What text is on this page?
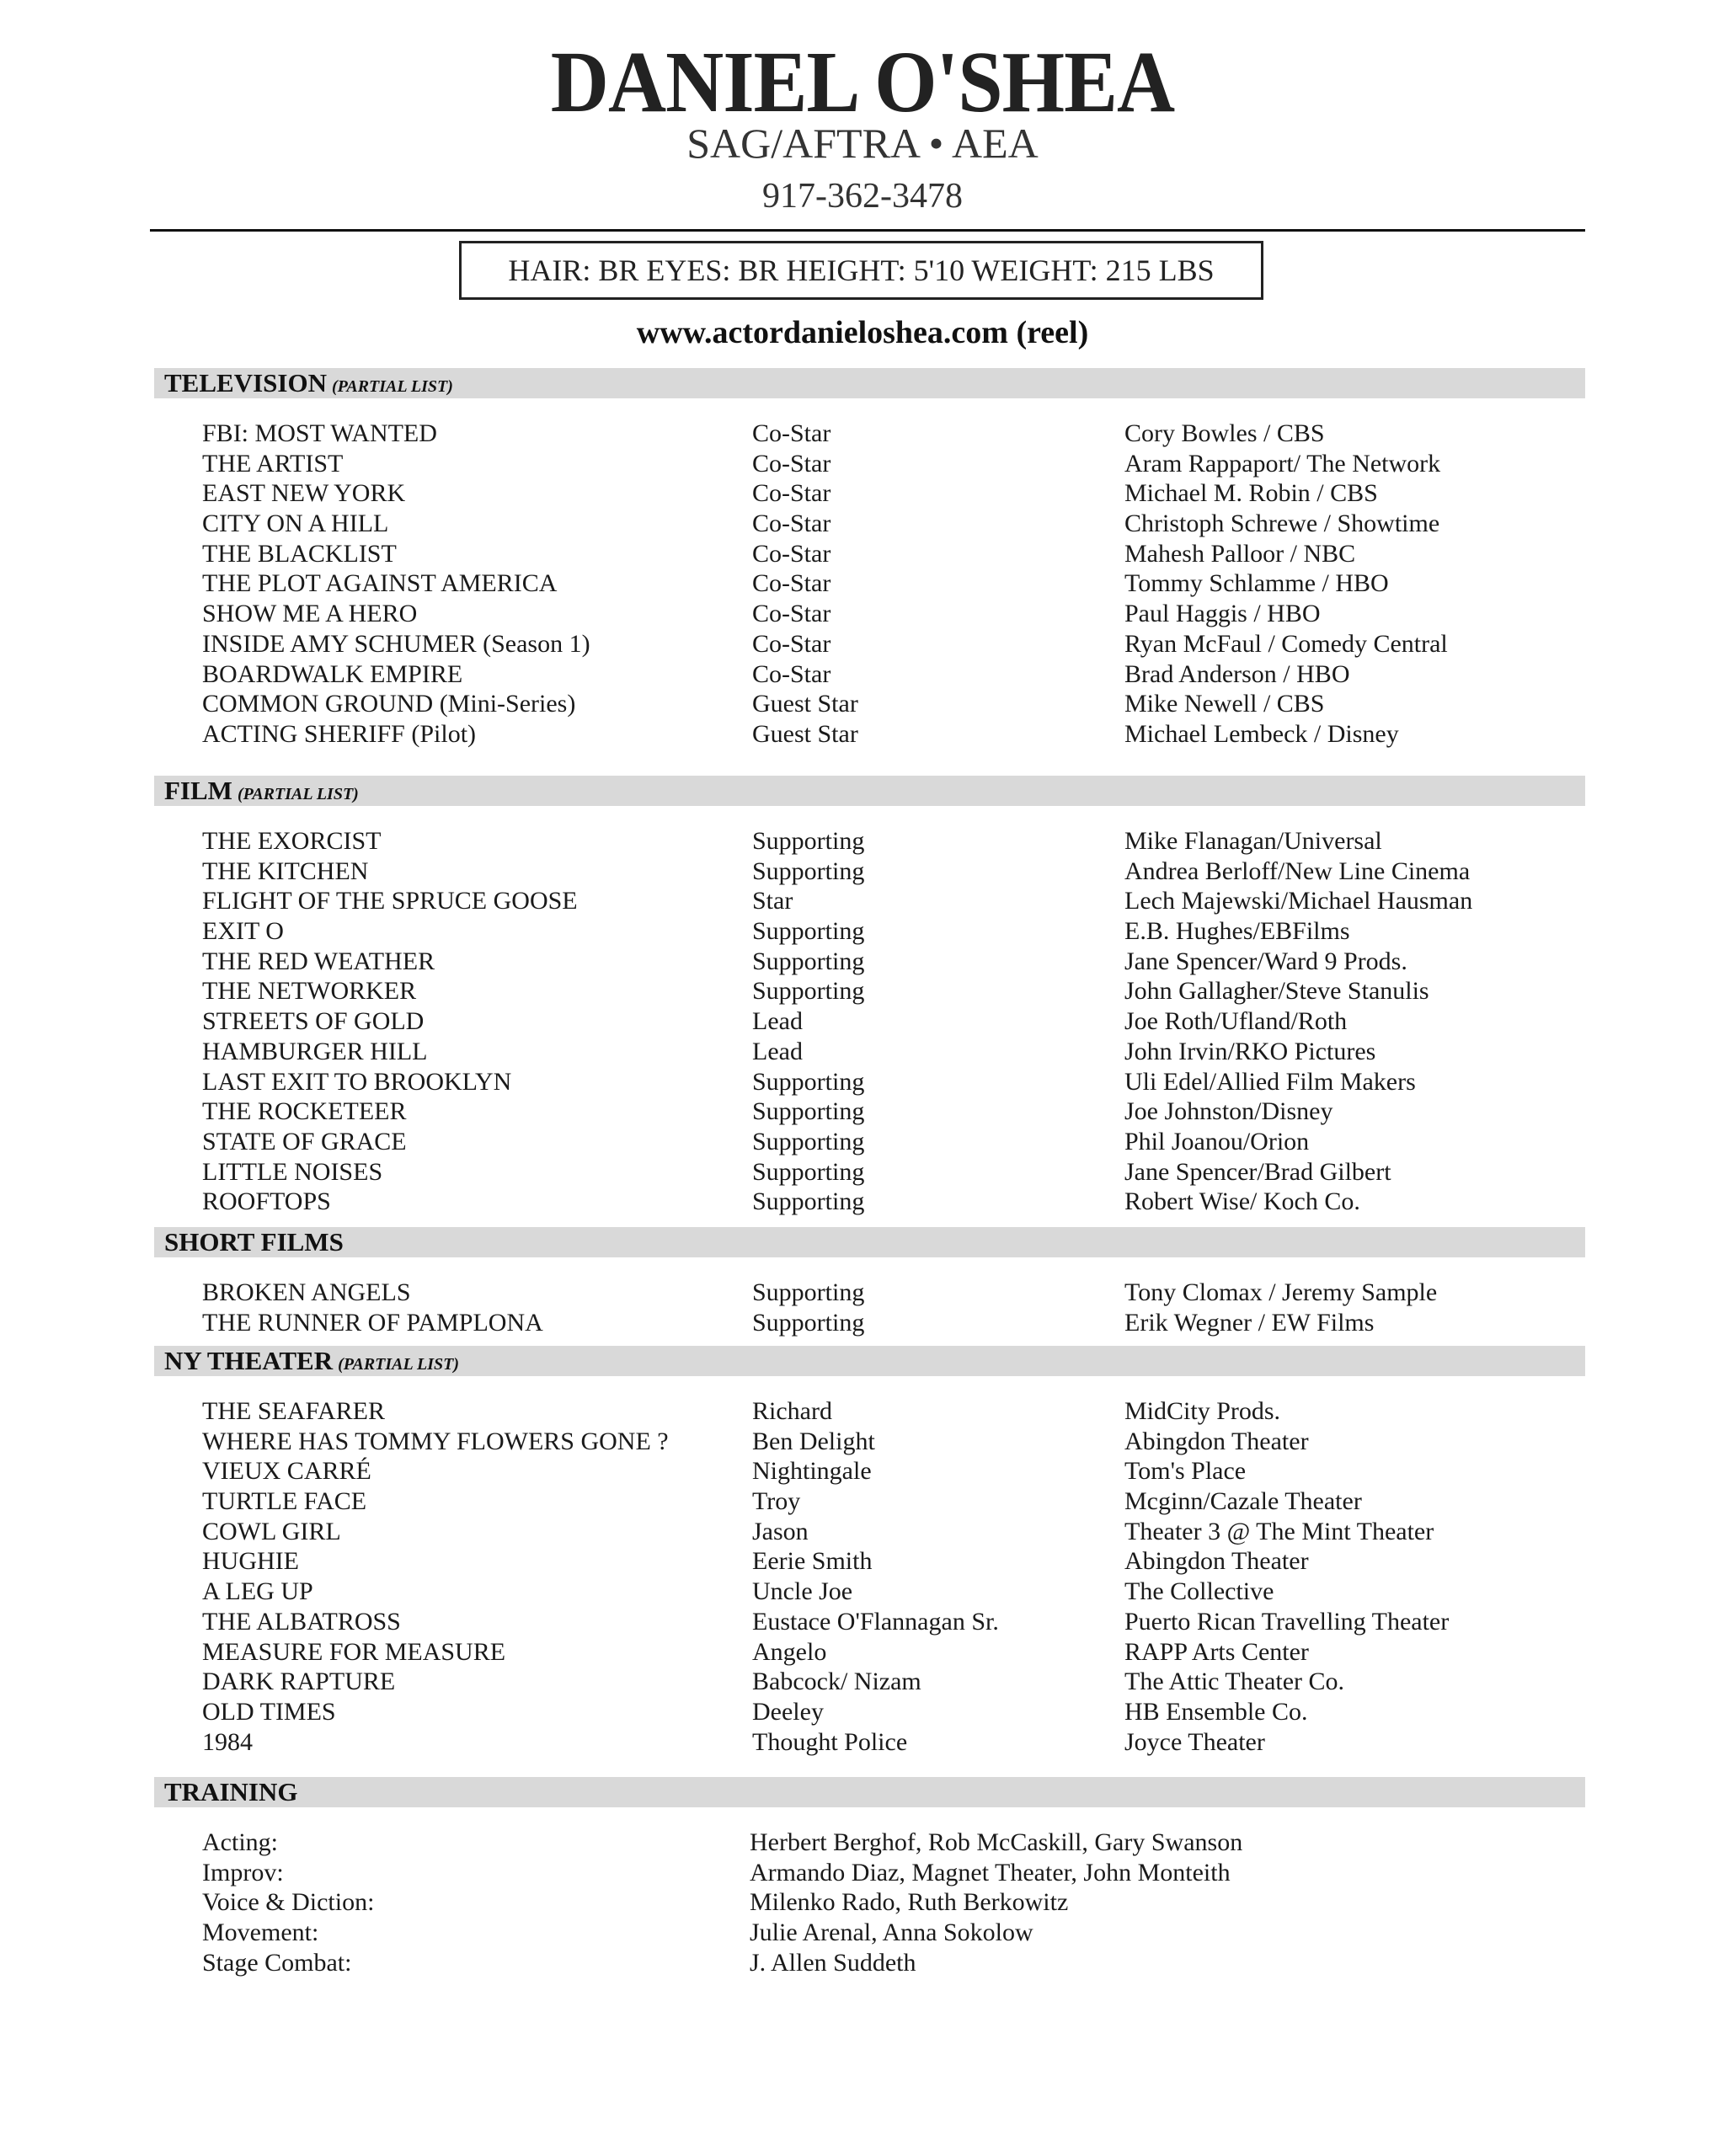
DANIEL O'SHEA
SAG/AFTRA • AEA
917-362-3478
HAIR: BR EYES: BR HEIGHT: 5'10 WEIGHT: 215 LBS
www.actordanieloshea.com (reel)
TELEVISION (PARTIAL LIST)
FBI: MOST WANTED	Co-Star	Cory Bowles / CBS
THE ARTIST	Co-Star	Aram Rappaport/ The Network
EAST NEW YORK	Co-Star	Michael M. Robin / CBS
CITY ON A HILL	Co-Star	Christoph Schrewe / Showtime
THE BLACKLIST	Co-Star	Mahesh Palloor / NBC
THE PLOT AGAINST AMERICA	Co-Star	Tommy Schlamme / HBO
SHOW ME A HERO	Co-Star	Paul Haggis / HBO
INSIDE AMY SCHUMER (Season 1)	Co-Star	Ryan McFaul / Comedy Central
BOARDWALK EMPIRE	Co-Star	Brad Anderson / HBO
COMMON GROUND (Mini-Series)	Guest Star	Mike Newell / CBS
ACTING SHERIFF (Pilot)	Guest Star	Michael Lembeck / Disney
FILM (PARTIAL LIST)
THE EXORCIST	Supporting	Mike Flanagan/Universal
THE KITCHEN	Supporting	Andrea Berloff/New Line Cinema
FLIGHT OF THE SPRUCE GOOSE	Star	Lech Majewski/Michael Hausman
EXIT O	Supporting	E.B. Hughes/EBFilms
THE RED WEATHER	Supporting	Jane Spencer/Ward 9 Prods.
THE NETWORKER	Supporting	John Gallagher/Steve Stanulis
STREETS OF GOLD	Lead	Joe Roth/Ufland/Roth
HAMBURGER HILL	Lead	John Irvin/RKO Pictures
LAST EXIT TO BROOKLYN	Supporting	Uli Edel/Allied Film Makers
THE ROCKETEER	Supporting	Joe Johnston/Disney
STATE OF GRACE	Supporting	Phil Joanou/Orion
LITTLE NOISES	Supporting	Jane Spencer/Brad Gilbert
ROOFTOPS	Supporting	Robert Wise/ Koch Co.
SHORT FILMS
BROKEN ANGELS	Supporting	Tony Clomax / Jeremy Sample
THE RUNNER OF PAMPLONA	Supporting	Erik Wegner / EW Films
NY THEATER (PARTIAL LIST)
THE SEAFARER	Richard	MidCity Prods.
WHERE HAS TOMMY FLOWERS GONE ?	Ben Delight	Abingdon Theater
VIEUX CARRÉ	Nightingale	Tom's Place
TURTLE FACE	Troy	Mcginn/Cazale Theater
COWL GIRL	Jason	Theater 3 @ The Mint Theater
HUGHIE	Eerie Smith	Abingdon Theater
A LEG UP	Uncle Joe	The Collective
THE ALBATROSS	Eustace O'Flannagan Sr.	Puerto Rican Travelling Theater
MEASURE FOR MEASURE	Angelo	RAPP Arts Center
DARK RAPTURE	Babcock/ Nizam	The Attic Theater Co.
OLD TIMES	Deeley	HB Ensemble Co.
1984	Thought Police	Joyce Theater
TRAINING
Acting:	Herbert Berghof, Rob McCaskill, Gary Swanson
Improv:	Armando Diaz, Magnet Theater, John Monteith
Voice & Diction:	Milenko Rado, Ruth Berkowitz
Movement:	Julie Arenal, Anna Sokolow
Stage Combat:	J. Allen Suddeth
